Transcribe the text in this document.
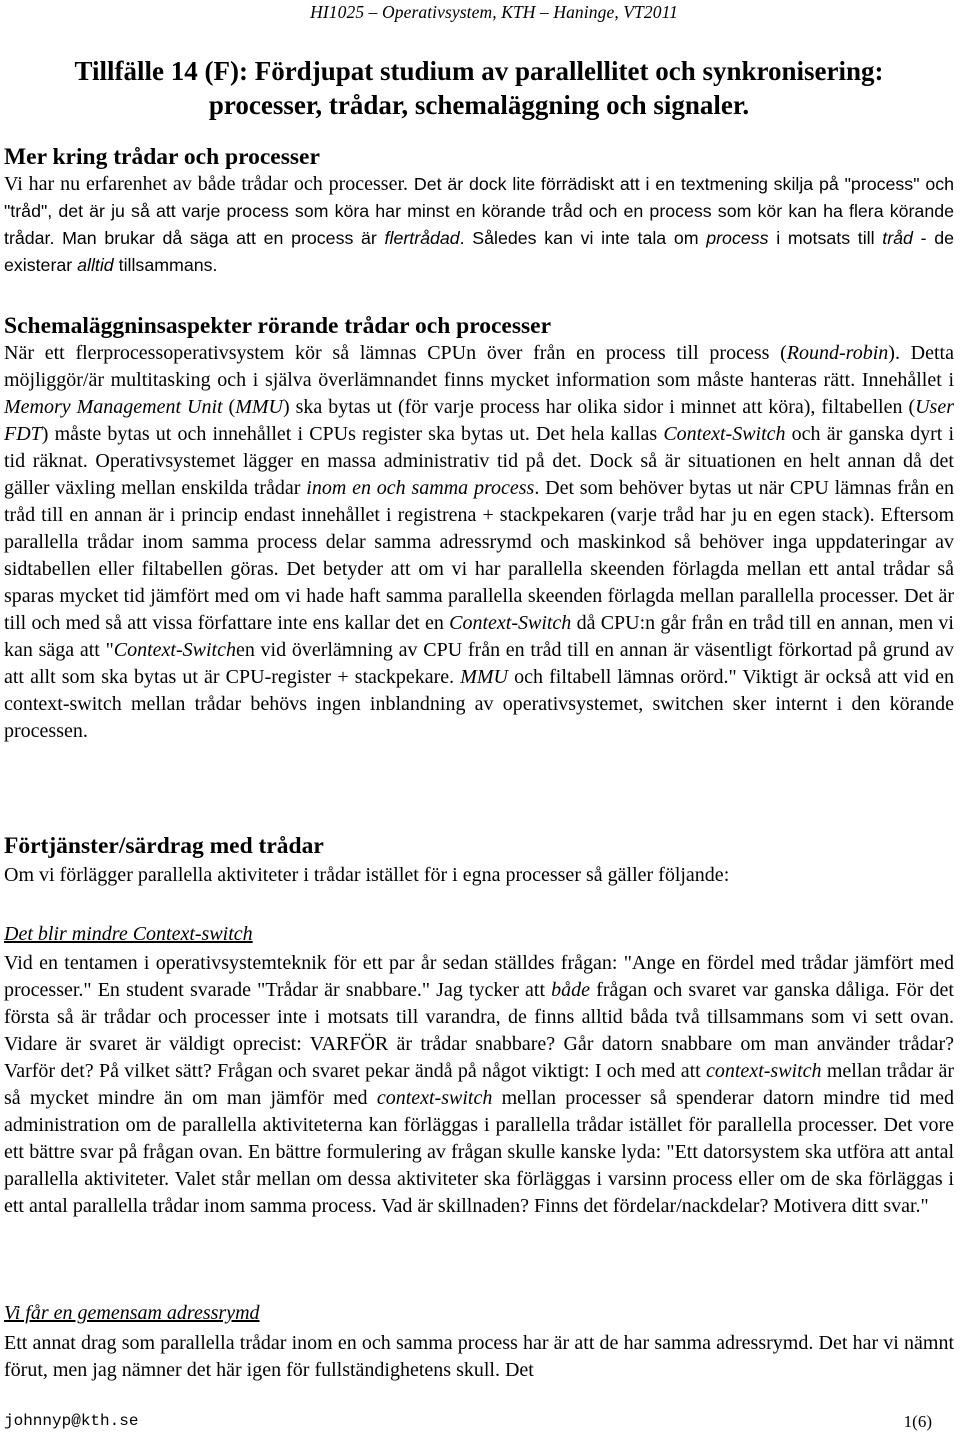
HI1025 – Operativsystem, KTH – Haninge, VT2011
Tillfälle 14 (F): Fördjupat studium av parallellitet och synkronisering:
processer, trådar, schemaläggning och signaler.
Mer kring trådar och processer

Vi har nu erfarenhet av både trådar och processer. Det är dock lite förrädiskt att i en textmening skilja på "process" och "tråd", det är ju så att varje process som köra har minst en körande tråd och en process som kör kan ha flera körande trådar. Man brukar då säga att en process är flertrådad. Således kan vi inte tala om process i motsats till tråd - de existerar alltid tillsammans.

Schemaläggninsaspekter rörande trådar och processer

När ett flerprocessoperativsystem kör så lämnas CPUn över från en process till process (Round-robin). Detta möjliggör/är multitasking och i själva överlämnandet finns mycket information som måste hanteras rätt. Innehållet i Memory Management Unit (MMU) ska bytas ut (för varje process har olika sidor i minnet att köra), filtabellen (User FDT) måste bytas ut och innehållet i CPUs register ska bytas ut. Det hela kallas Context-Switch och är ganska dyrt i tid räknat. Operativsystemet lägger en massa administrativ tid på det. Dock så är situationen en helt annan då det gäller växling mellan enskilda trådar inom en och samma process. Det som behöver bytas ut när CPU lämnas från en tråd till en annan är i princip endast innehållet i registrena + stackpekaren (varje tråd har ju en egen stack). Eftersom parallella trådar inom samma process delar samma adressrymd och maskinkod så behöver inga uppdateringar av sidtabellen eller filtabellen göras. Det betyder att om vi har parallella skeenden förlagda mellan ett antal trådar så sparas mycket tid jämfört med om vi hade haft samma parallella skeenden förlagda mellan parallella processer. Det är till och med så att vissa författare inte ens kallar det en Context-Switch då CPU:n går från en tråd till en annan, men vi kan säga att "Context-Switchen vid överlämning av CPU från en tråd till en annan är väsentligt förkortad på grund av att allt som ska bytas ut är CPU-register + stackpekare. MMU och filtabell lämnas orörd." Viktigt är också att vid en context-switch mellan trådar behövs ingen inblandning av operativsystemet, switchen sker internt i den körande processen.

Förtjänster/särdrag med trådar

Om vi förlägger parallella aktiviteter i trådar istället för i egna processer så gäller följande:

Det blir mindre Context-switch

Vid en tentamen i operativsystemteknik för ett par år sedan ställdes frågan: "Ange en fördel med trådar jämfört med processer." En student svarade "Trådar är snabbare." Jag tycker att både frågan och svaret var ganska dåliga. För det första så är trådar och processer inte i motsats till varandra, de finns alltid båda två tillsammans som vi sett ovan. Vidare är svaret är väldigt oprecist: VARFÖR är trådar snabbare? Går datorn snabbare om man använder trådar? Varför det? På vilket sätt? Frågan och svaret pekar ändå på något viktigt: I och med att context-switch mellan trådar är så mycket mindre än om man jämför med context-switch mellan processer så spenderar datorn mindre tid med administration om de parallella aktiviteterna kan förläggas i parallella trådar istället för parallella processer. Det vore ett bättre svar på frågan ovan. En bättre formulering av frågan skulle kanske lyda: "Ett datorsystem ska utföra att antal parallella aktiviteter. Valet står mellan om dessa aktiviteter ska förläggas i varsinn process eller om de ska förläggas i ett antal parallella trådar inom samma process. Vad är skillnaden? Finns det fördelar/nackdelar? Motivera ditt svar."

Vi får en gemensam adressrymd

Ett annat drag som parallella trådar inom en och samma process har är att de har samma adressrymd. Det har vi nämnt förut, men jag nämner det här igen för fullständighetens skull. Det

johnnyp@kth.se	1(6)
